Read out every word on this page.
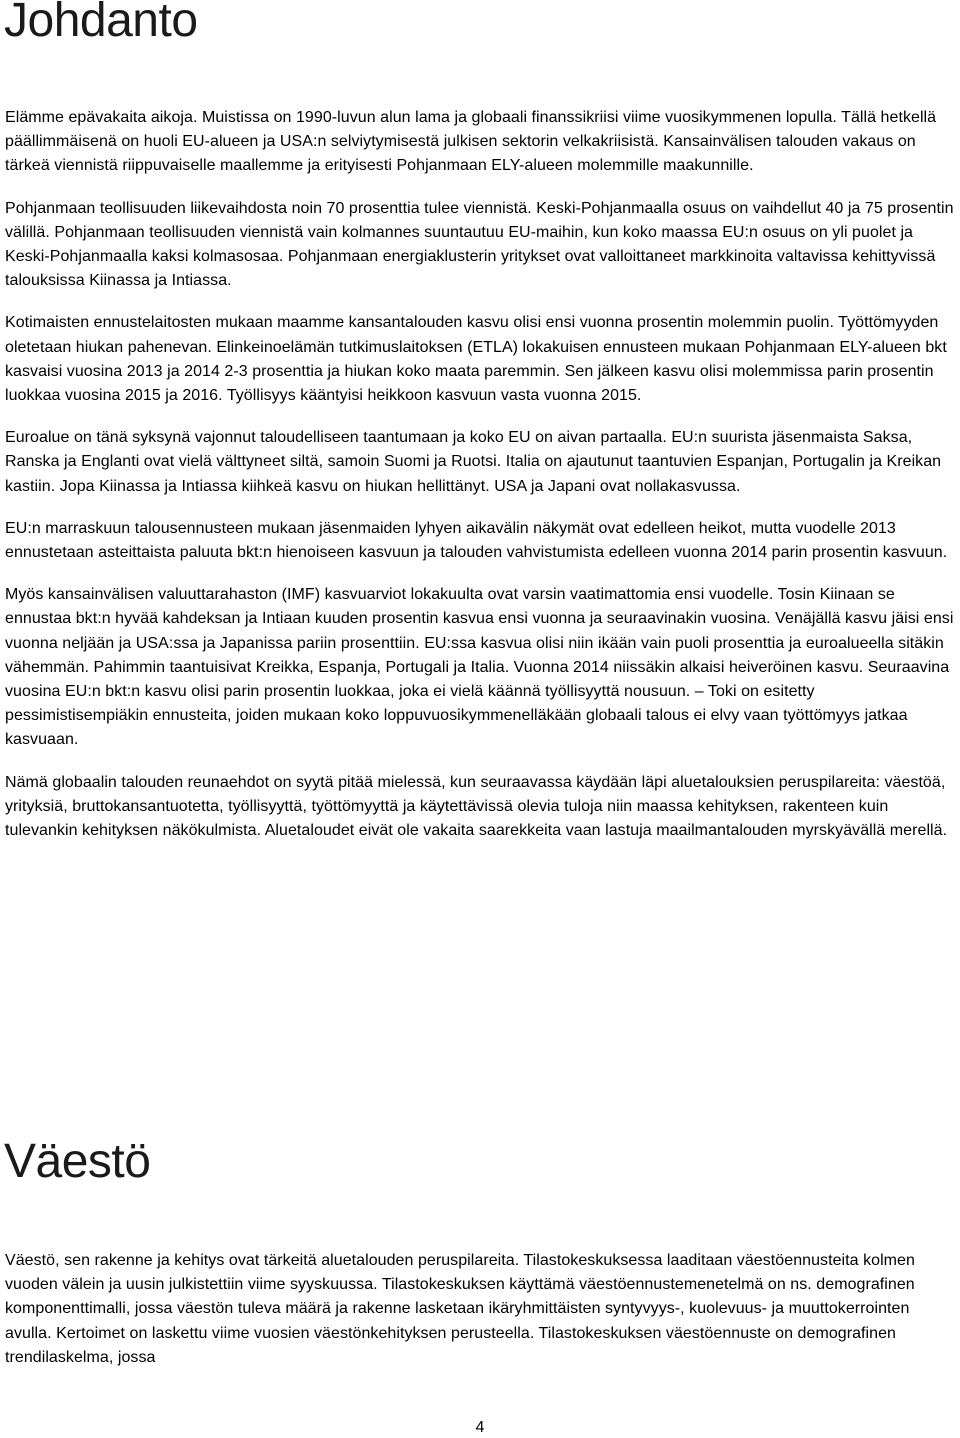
Johdanto

Elämme epävakaita aikoja. Muistissa on 1990-luvun alun lama ja globaali finanssikriisi viime vuosikymmenen lopulla. Tällä hetkellä päällimmäisenä on huoli EU-alueen ja USA:n selviytymisestä julkisen sektorin velkakriisistä. Kansainvälisen talouden vakaus on tärkeä viennistä riippuvaiselle maallemme ja erityisesti Pohjanmaan ELY-alueen molemmille maakunnille.

Pohjanmaan teollisuuden liikevaihdosta noin 70 prosenttia tulee viennistä. Keski-Pohjanmaalla osuus on vaihdellut 40 ja 75 prosentin välillä. Pohjanmaan teollisuuden viennistä vain kolmannes suuntautuu EU-maihin, kun koko maassa EU:n osuus on yli puolet ja Keski-Pohjanmaalla kaksi kolmasosaa. Pohjanmaan energiaklusterin yritykset ovat valloittaneet markkinoita valtavissa kehittyvissä talouksissa Kiinassa ja Intiassa.

Kotimaisten ennustelaitosten mukaan maamme kansantalouden kasvu olisi ensi vuonna prosentin molemmin puolin. Työttömyyden oletetaan hiukan pahenevan. Elinkeinoelämän tutkimuslaitoksen (ETLA) lokakuisen ennusteen mukaan Pohjanmaan ELY-alueen bkt kasvaisi vuosina 2013 ja 2014 2-3 prosenttia ja hiukan koko maata paremmin. Sen jälkeen kasvu olisi molemmissa parin prosentin luokkaa vuosina 2015 ja 2016. Työllisyys kääntyisi heikkoon kasvuun vasta vuonna 2015.

Euroalue on tänä syksynä vajonnut taloudelliseen taantumaan ja koko EU on aivan partaalla. EU:n suurista jäsenmaista Saksa, Ranska ja Englanti ovat vielä välttyneet siltä, samoin Suomi ja Ruotsi. Italia on ajautunut taantuvien Espanjan, Portugalin ja Kreikan kastiin. Jopa Kiinassa ja Intiassa kiihkeä kasvu on hiukan hellittänyt. USA ja Japani ovat nollakasvussa.

EU:n marraskuun talousennusteen mukaan jäsenmaiden lyhyen aikavälin näkymät ovat edelleen heikot, mutta vuodelle 2013 ennustetaan asteittaista paluuta bkt:n hienoiseen kasvuun ja talouden vahvistumista edelleen vuonna 2014 parin prosentin kasvuun.

Myös kansainvälisen valuuttarahaston (IMF) kasvuarviot lokakuulta ovat varsin vaatimattomia ensi vuodelle. Tosin Kiinaan se ennustaa bkt:n hyvää kahdeksan ja Intiaan kuuden prosentin kasvua ensi vuonna ja seuraavinakin vuosina. Venäjällä kasvu jäisi ensi vuonna neljään ja USA:ssa ja Japanissa pariin prosenttiin. EU:ssa kasvua olisi niin ikään vain puoli prosenttia ja euroalueella sitäkin vähemmän. Pahimmin taantuisivat Kreikka, Espanja, Portugali ja Italia. Vuonna 2014 niissäkin alkaisi heiveröinen kasvu. Seuraavina vuosina EU:n bkt:n kasvu olisi parin prosentin luokkaa, joka ei vielä käännä työllisyyttä nousuun. – Toki on esitetty pessimistisempiäkin ennusteita, joiden mukaan koko loppuvuosikymmenelläkään globaali talous ei elvy vaan työttömyys jatkaa kasvuaan.

Nämä globaalin talouden reunaehdot on syytä pitää mielessä, kun seuraavassa käydään läpi aluetalouksien peruspilareita: väestöä, yrityksiä, bruttokansantuotetta, työllisyyttä, työttömyyttä ja käytettävissä olevia tuloja niin maassa kehityksen, rakenteen kuin tulevankin kehityksen näkökulmista. Aluetaloudet eivät ole vakaita saarekkeita vaan lastuja maailmantalouden myrskyävällä merellä.

Väestö

Väestö, sen rakenne ja kehitys ovat tärkeitä aluetalouden peruspilareita. Tilastokeskuksessa laaditaan väestöennusteita kolmen vuoden välein ja uusin julkistettiin viime syyskuussa. Tilastokeskuksen käyttämä väestöennustemenetelmä on ns. demografinen komponenttimalli, jossa väestön tuleva määrä ja rakenne lasketaan ikäryhmittäisten syntyvyys-, kuolevuus- ja muuttokerrointen avulla. Kertoimet on laskettu viime vuosien väestönkehityksen perusteella. Tilastokeskuksen väestöennuste on demografinen trendilaskelma, jossa

4
